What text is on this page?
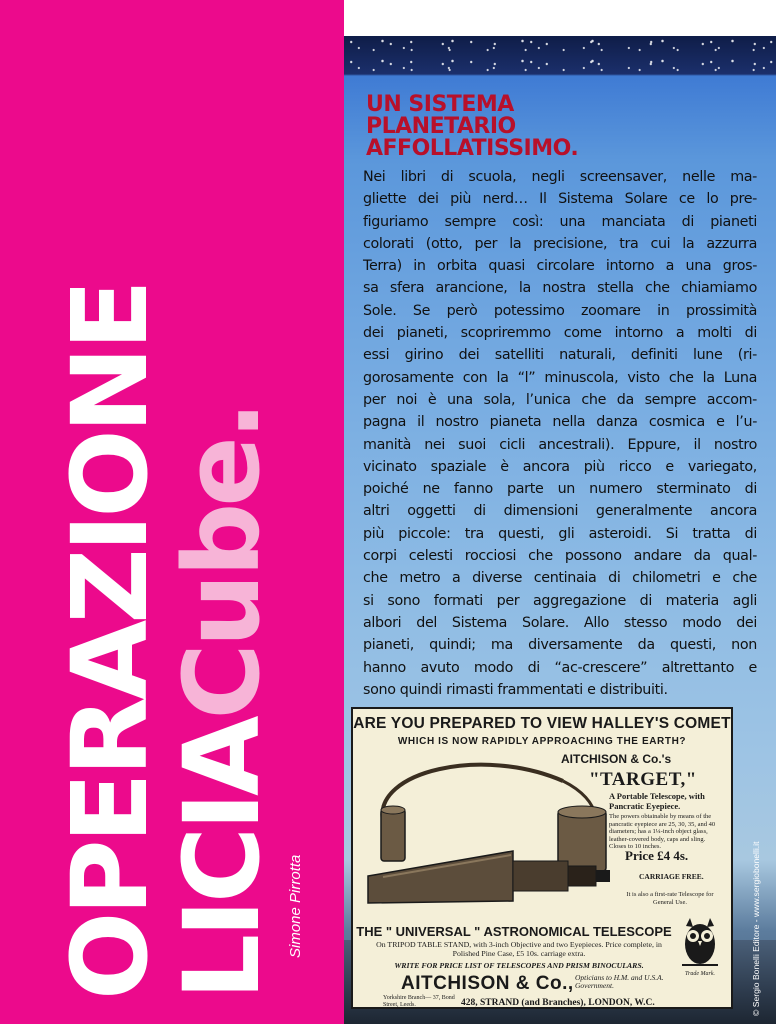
OPERAZIONE
LICIACube.
Simone Pirrotta
UN SISTEMA
PLANETARIO
AFFOLLATISSIMO.
Nei libri di scuola, negli screensaver, nelle ma-
gliette dei più nerd… Il Sistema Solare ce lo pre-
figuriamo sempre così: una manciata di pianeti
colorati (otto, per la precisione, tra cui la azzurra
Terra) in orbita quasi circolare intorno a una gros-
sa sfera arancione, la nostra stella che chiamiamo
Sole. Se però potessimo zoomare in prossimità
dei pianeti, scopriremmo come intorno a molti di
essi girino dei satelliti naturali, definiti lune (ri-
gorosamente con la “l” minuscola, visto che la Luna
per noi è una sola, l’unica che da sempre accom-
pagna il nostro pianeta nella danza cosmica e l’u-
manità nei suoi cicli ancestrali). Eppure, il nostro
vicinato spaziale è ancora più ricco e variegato,
poiché ne fanno parte un numero sterminato di
altri oggetti di dimensioni generalmente ancora
più piccole: tra questi, gli asteroidi. Si tratta di
corpi celesti rocciosi che possono andare da qual-
che metro a diverse centinaia di chilometri e che
si sono formati per aggregazione di materia agli
albori del Sistema Solare. Allo stesso modo dei
pianeti, quindi; ma diversamente da questi, non
hanno avuto modo di “ac-crescere” altrettanto e
sono quindi rimasti frammentati e distribuiti.
ARE YOU PREPARED TO VIEW HALLEY'S COMET
WHICH IS NOW RAPIDLY APPROACHING THE EARTH?
AITCHISON & Co.'s
"TARGET,"
A Portable Telescope, with Pancratic Eyepiece.
The powers obtainable by means of the pancratic eyepiece are 25, 30, 35, and 40 diameters; has a 1¼-inch object glass, leather-covered body, caps and sling. Closes to 10 inches.
Price £4 4s.
CARRIAGE FREE.
It is also a first-rate Telescope for General Use.
THE " UNIVERSAL " ASTRONOMICAL TELESCOPE
On TRIPOD TABLE STAND, with 3-inch Objective and two Eyepieces. Price complete, in Polished Pine Case, £5 10s. carriage extra.
WRITE FOR PRICE LIST OF TELESCOPES AND PRISM BINOCULARS.
AITCHISON & Co., Opticians to H.M. and U.S.A. Government.
Yorkshire Branch— 37, Bond Street, Leeds.	428, STRAND (and Branches), LONDON, W.C.
Trade Mark.	© Sergio Bonelli Editore - www.sergiobonelli.it
